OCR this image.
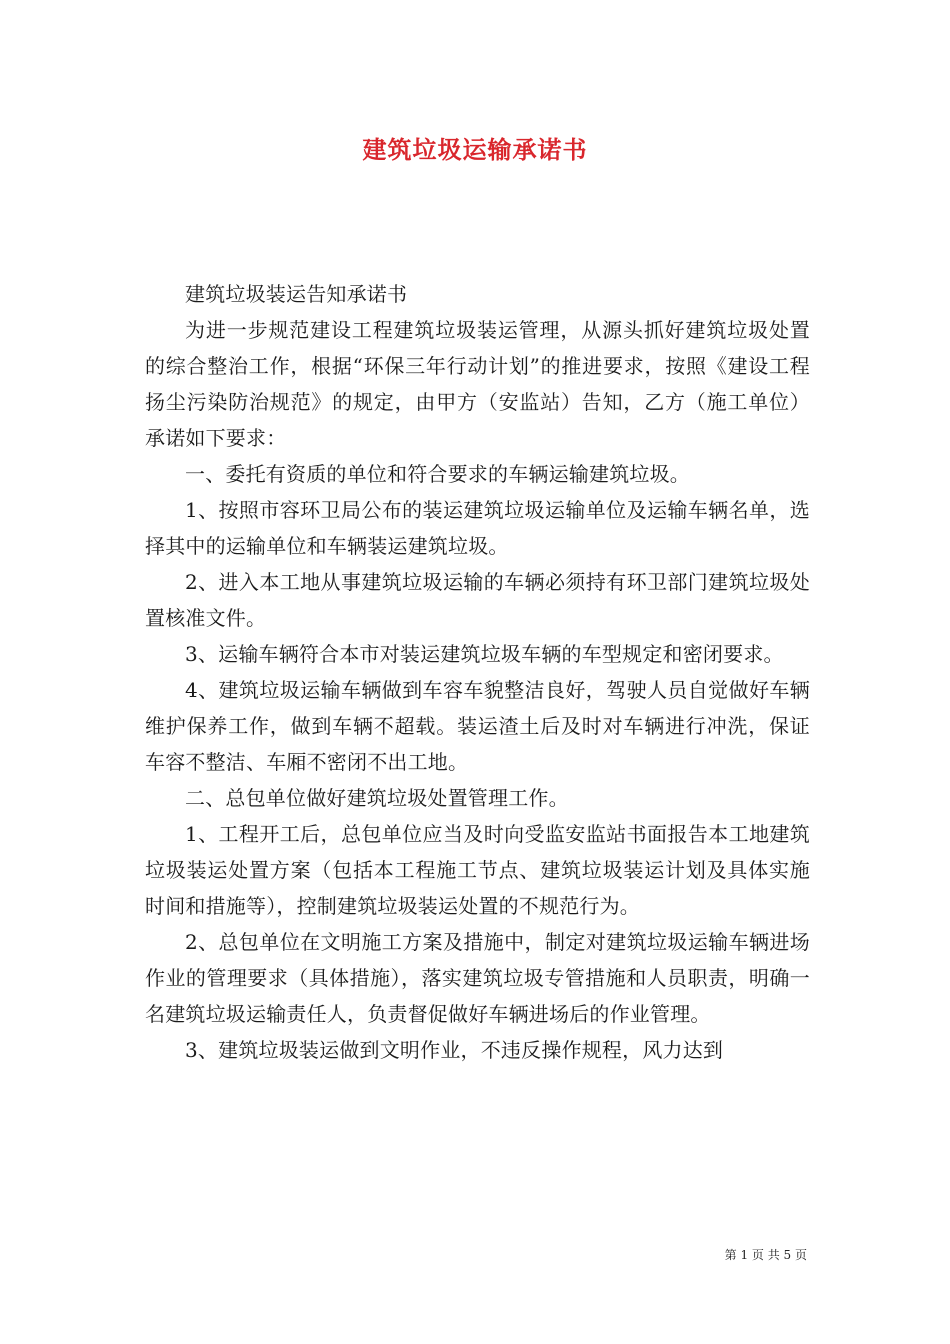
建筑垃圾运输承诺书

建筑垃圾装运告知承诺书

为进一步规范建设工程建筑垃圾装运管理，从源头抓好建筑垃圾处置的综合整治工作，根据“环保三年行动计划”的推进要求，按照《建设工程扬尘污染防治规范》的规定，由甲方（安监站）告知，乙方（施工单位）承诺如下要求：

一、委托有资质的单位和符合要求的车辆运输建筑垃圾。

1、按照市容环卫局公布的装运建筑垃圾运输单位及运输车辆名单，选择其中的运输单位和车辆装运建筑垃圾。

2、进入本工地从事建筑垃圾运输的车辆必须持有环卫部门建筑垃圾处置核准文件。

3、运输车辆符合本市对装运建筑垃圾车辆的车型规定和密闭要求。

4、建筑垃圾运输车辆做到车容车貌整洁良好，驾驶人员自觉做好车辆维护保养工作，做到车辆不超载。装运渣土后及时对车辆进行冲洗，保证车容不整洁、车厢不密闭不出工地。

二、总包单位做好建筑垃圾处置管理工作。

1、工程开工后，总包单位应当及时向受监安监站书面报告本工地建筑垃圾装运处置方案（包括本工程施工节点、建筑垃圾装运计划及具体实施时间和措施等），控制建筑垃圾装运处置的不规范行为。

2、总包单位在文明施工方案及措施中，制定对建筑垃圾运输车辆进场作业的管理要求（具体措施），落实建筑垃圾专管措施和人员职责，明确一名建筑垃圾运输责任人，负责督促做好车辆进场后的作业管理。

3、建筑垃圾装运做到文明作业，不违反操作规程，风力达到

第 1 页 共 5 页
